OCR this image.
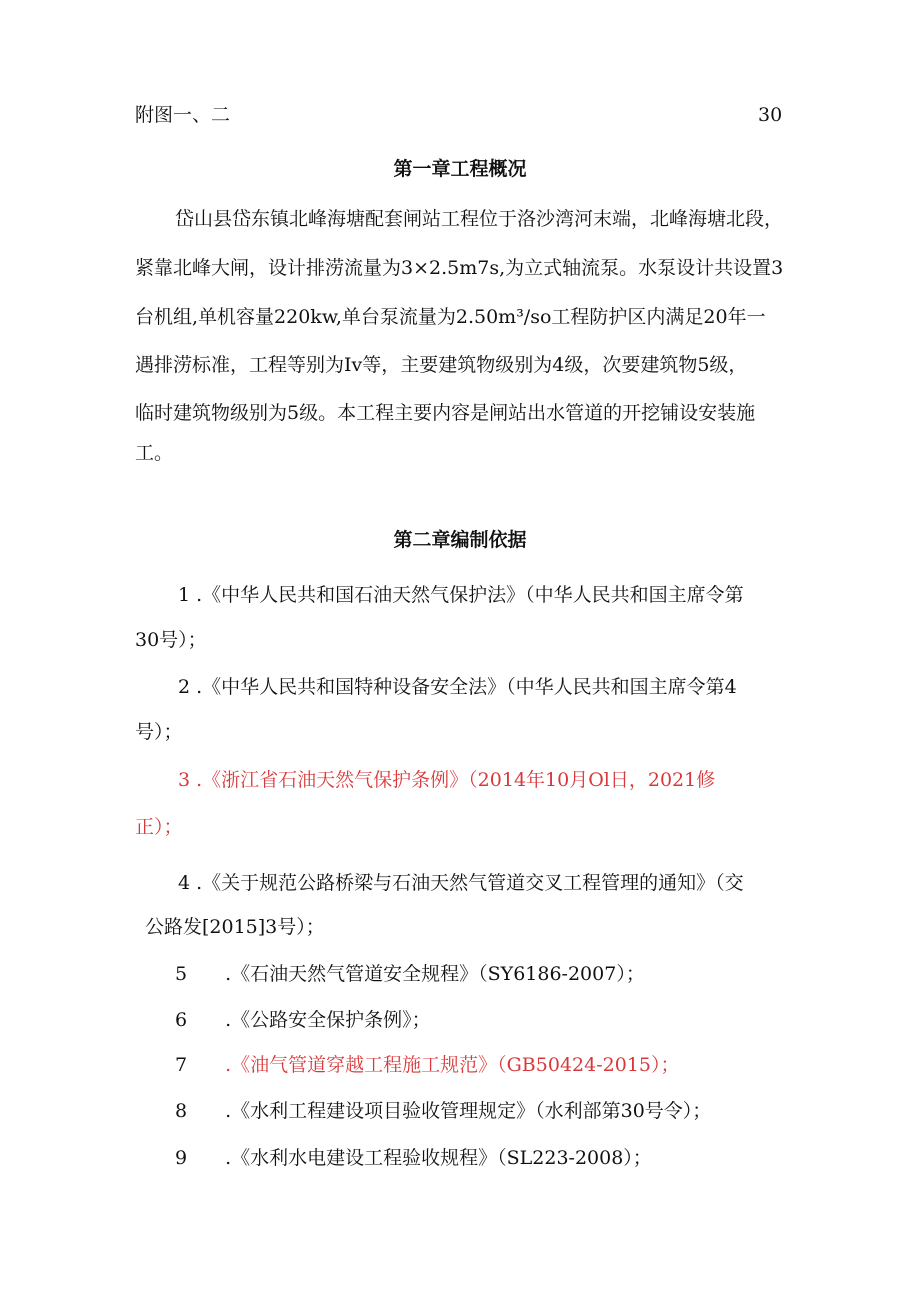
附图一、二	30
第一章工程概况
岱山县岱东镇北峰海塘配套闸站工程位于洛沙湾河末端，北峰海塘北段，
紧靠北峰大闸，设计排涝流量为3×2.5m7s,为立式轴流泵。水泵设计共设置3
台机组,单机容量220kw,单台泵流量为2.50m³/so工程防护区内满足20年一
遇排涝标准，工程等别为Iv等，主要建筑物级别为4级，次要建筑物5级，
临时建筑物级别为5级。本工程主要内容是闸站出水管道的开挖铺设安装施
工。
第二章编制依据
1 .《中华人民共和国石油天然气保护法》（中华人民共和国主席令第
30号）；
2 .《中华人民共和国特种设备安全法》（中华人民共和国主席令第4
号）；
3 .《浙江省石油天然气保护条例》（2014年10月Ol日，2021修
正）；
4 .《关于规范公路桥梁与石油天然气管道交叉工程管理的通知》（交
公路发[2015]3号）；
5 .《石油天然气管道安全规程》（SY6186-2007）；
6 .《公路安全保护条例》；
7 .《油气管道穿越工程施工规范》（GB50424-2015）；
8 .《水利工程建设项目验收管理规定》（水利部第30号令）；
9 .《水利水电建设工程验收规程》（SL223-2008）；
